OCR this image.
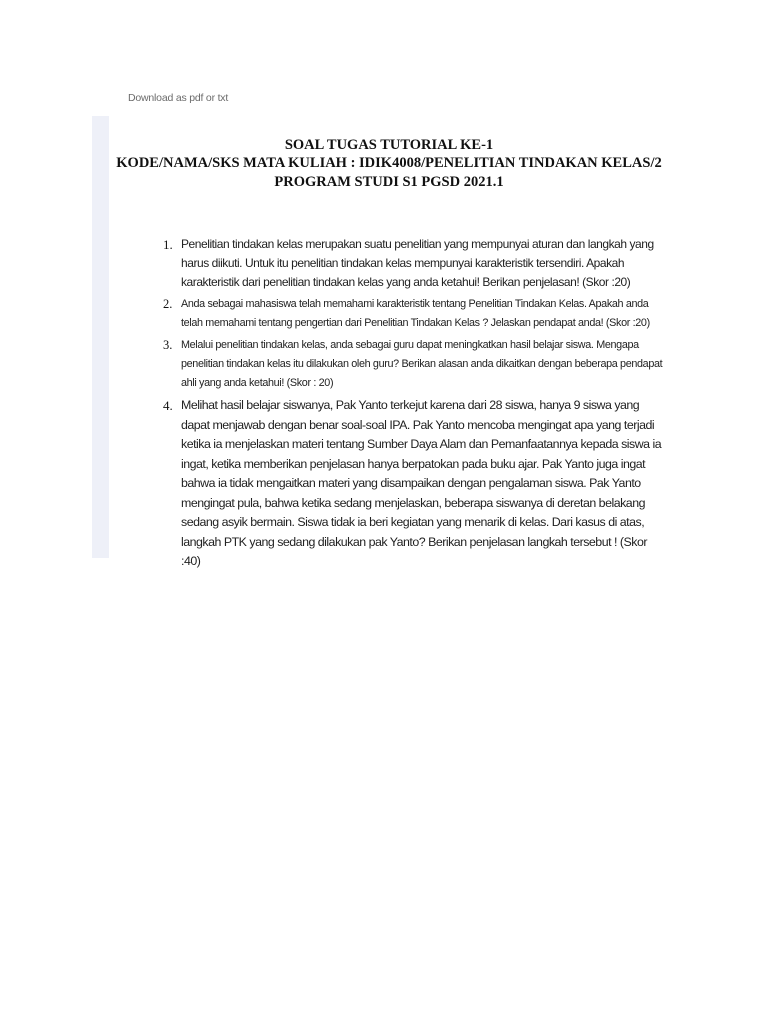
Download as pdf or txt
SOAL TUGAS TUTORIAL KE-1
KODE/NAMA/SKS MATA KULIAH : IDIK4008/PENELITIAN TINDAKAN KELAS/2
PROGRAM STUDI S1 PGSD 2021.1
1. Penelitian tindakan kelas merupakan suatu penelitian yang mempunyai aturan dan langkah yang harus diikuti. Untuk itu penelitian tindakan kelas mempunyai karakteristik tersendiri. Apakah karakteristik dari penelitian tindakan kelas yang anda ketahui! Berikan penjelasan! (Skor :20)
2. Anda sebagai mahasiswa telah memahami karakteristik tentang Penelitian Tindakan Kelas. Apakah anda telah memahami tentang pengertian dari Penelitian Tindakan Kelas ? Jelaskan pendapat anda! (Skor :20)
3. Melalui penelitian tindakan kelas, anda sebagai guru dapat meningkatkan hasil belajar siswa. Mengapa penelitian tindakan kelas itu dilakukan oleh guru? Berikan alasan anda dikaitkan dengan beberapa pendapat ahli yang anda ketahui! (Skor : 20)
4. Melihat hasil belajar siswanya, Pak Yanto terkejut karena dari 28 siswa, hanya 9 siswa yang dapat menjawab dengan benar soal-soal IPA. Pak Yanto mencoba mengingat apa yang terjadi ketika ia menjelaskan materi tentang Sumber Daya Alam dan Pemanfaatannya kepada siswa ia ingat, ketika memberikan penjelasan hanya berpatokan pada buku ajar. Pak Yanto juga ingat bahwa ia tidak mengaitkan materi yang disampaikan dengan pengalaman siswa. Pak Yanto mengingat pula, bahwa ketika sedang menjelaskan, beberapa siswanya di deretan belakang sedang asyik bermain. Siswa tidak ia beri kegiatan yang menarik di kelas. Dari kasus di atas, langkah PTK yang sedang dilakukan pak Yanto? Berikan penjelasan langkah tersebut ! (Skor :40)
